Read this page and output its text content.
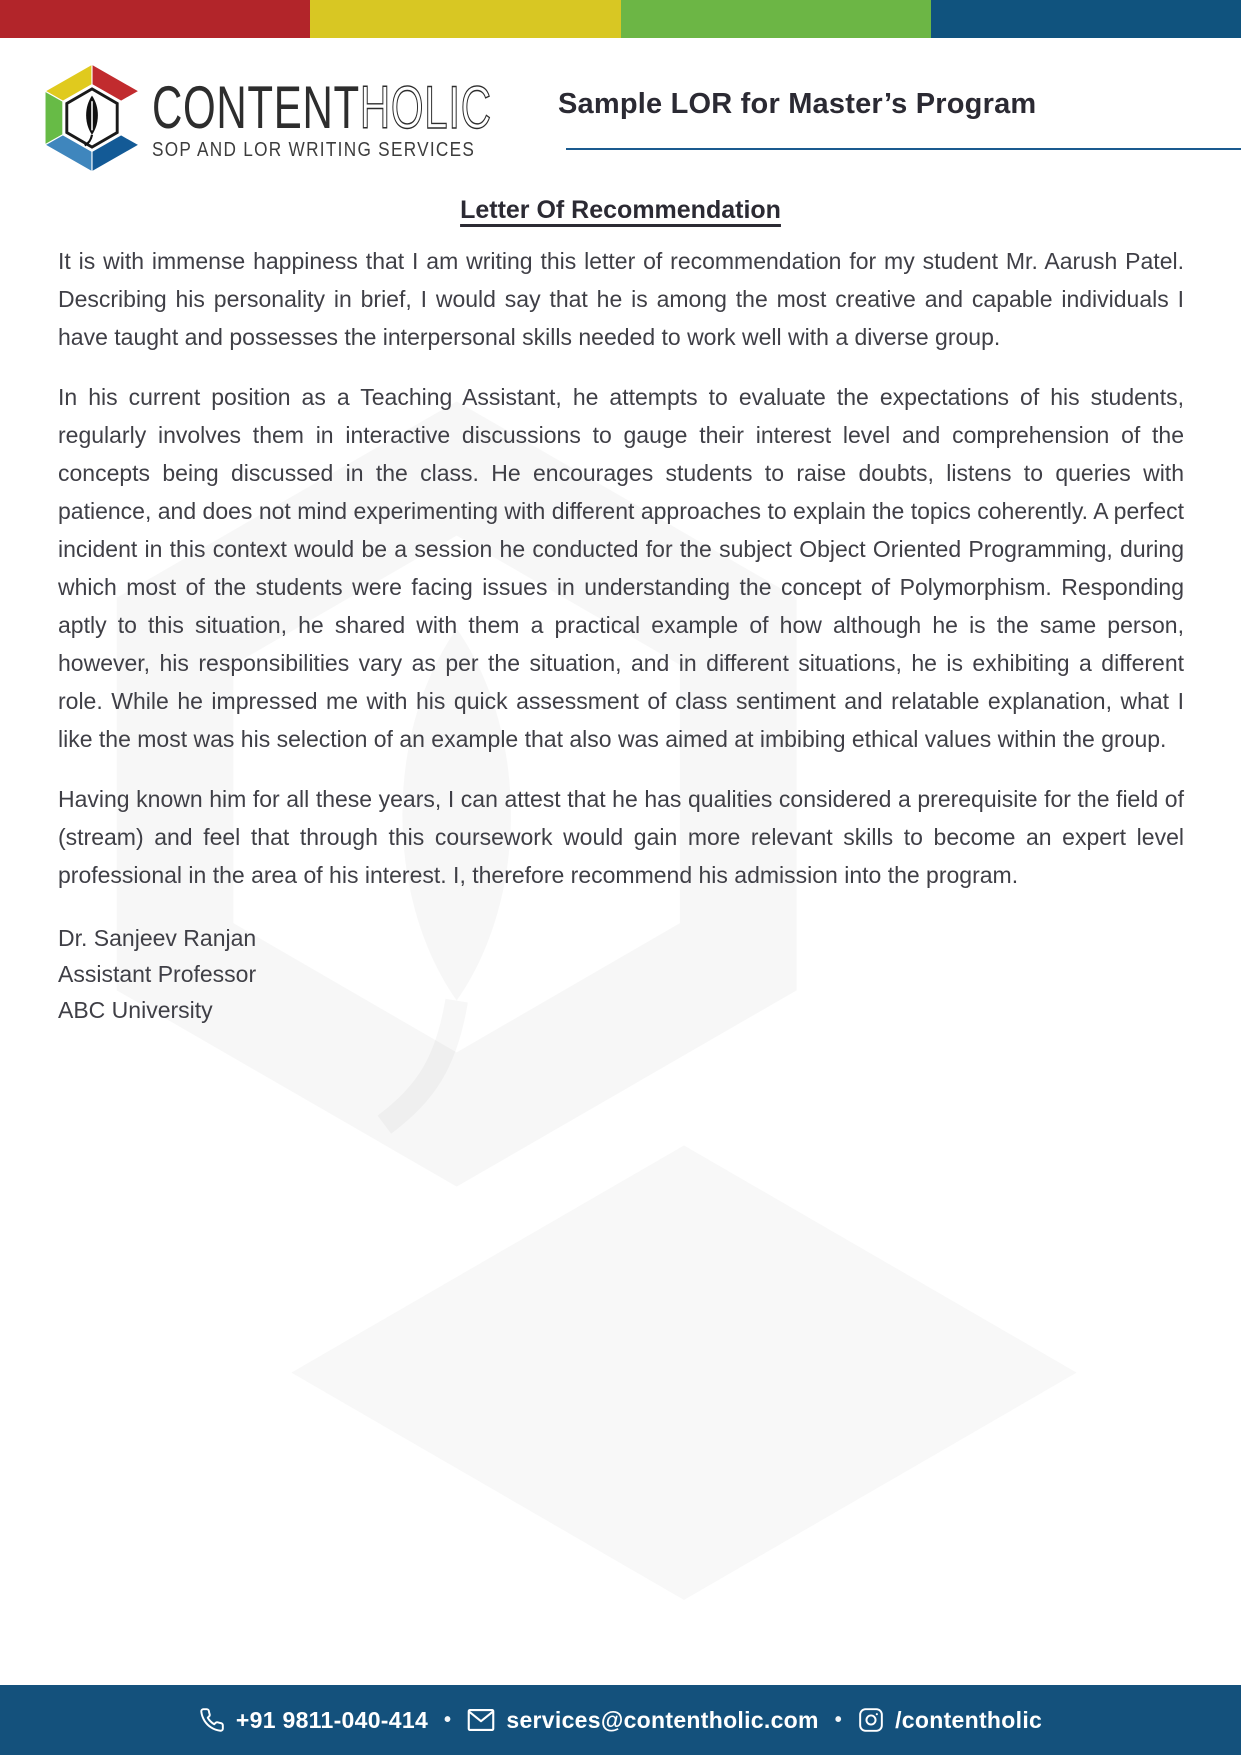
CONTENTHOLIC
SOP AND LOR WRITING SERVICES
Sample LOR for Master’s Program
Letter Of Recommendation

It is with immense happiness that I am writing this letter of recommendation for my student Mr. Aarush Patel. Describing his personality in brief, I would say that he is among the most creative and capable individuals I have taught and possesses the interpersonal skills needed to work well with a diverse group.

In his current position as a Teaching Assistant, he attempts to evaluate the expectations of his students, regularly involves them in interactive discussions to gauge their interest level and comprehension of the concepts being discussed in the class. He encourages students to raise doubts, listens to queries with patience, and does not mind experimenting with different approaches to explain the topics coherently. A perfect incident in this context would be a session he conducted for the subject Object Oriented Programming, during which most of the students were facing issues in understanding the concept of Polymorphism. Responding aptly to this situation, he shared with them a practical example of how although he is the same person, however, his responsibilities vary as per the situation, and in different situations, he is exhibiting a different role. While he impressed me with his quick assessment of class sentiment and relatable explanation, what I like the most was his selection of an example that also was aimed at imbibing ethical values within the group.

Having known him for all these years, I can attest that he has qualities considered a prerequisite for the field of (stream) and feel that through this coursework would gain more relevant skills to become an expert level professional in the area of his interest. I, therefore recommend his admission into the program.

Dr. Sanjeev Ranjan
Assistant Professor
ABC University
+91 9811-040-414 • services@contentholic.com • /contentholic
